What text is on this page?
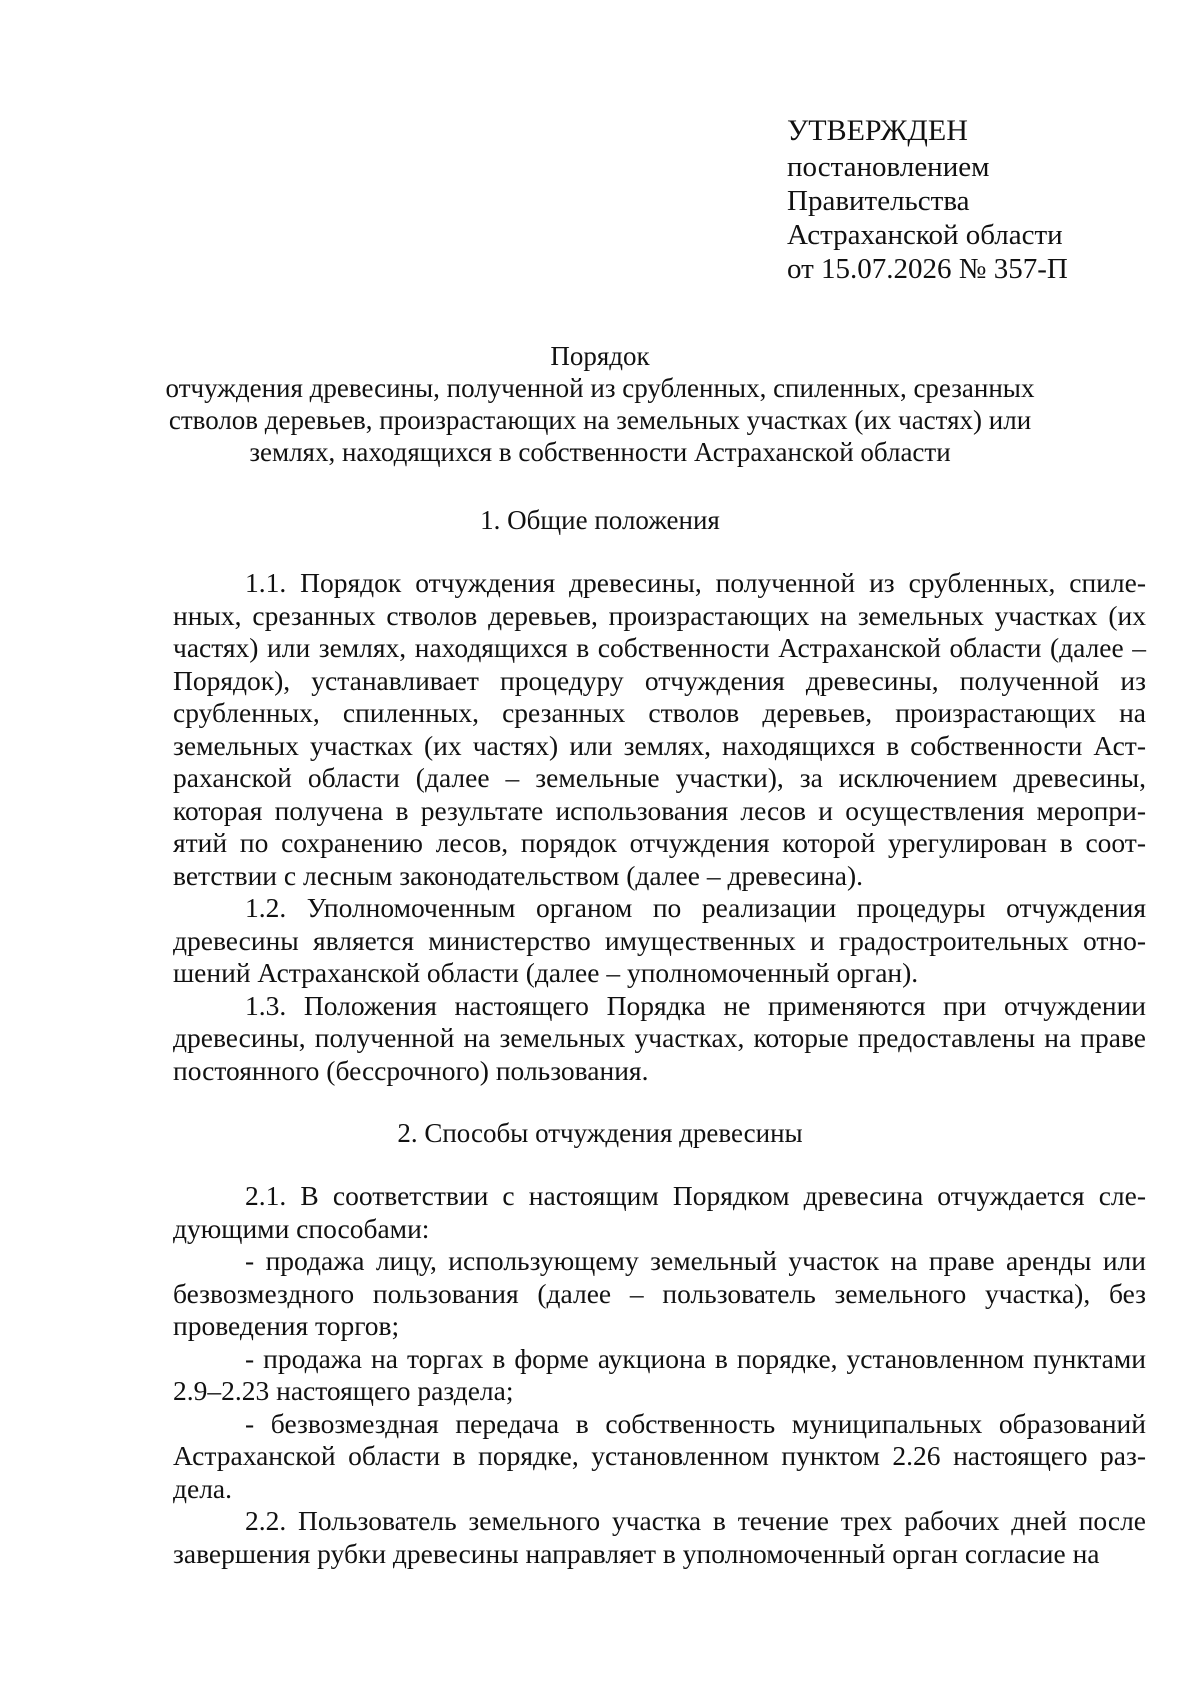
УТВЕРЖДЕН
постановлением
Правительства
Астраханской области
от 15.07.2026 № 357-П
Порядок
отчуждения древесины, полученной из срубленных, спиленных, срезанных
стволов деревьев, произрастающих на земельных участках (их частях) или
землях, находящихся в собственности Астраханской области
1. Общие положения

1.1. Порядок отчуждения древесины, полученной из срубленных, спиленных, срезанных стволов деревьев, произрастающих на земельных участках (их частях) или землях, находящихся в собственности Астраханской области (далее – Порядок), устанавливает процедуру отчуждения древесины, полученной из срубленных, спиленных, срезанных стволов деревьев, произрастающих на земельных участках (их частях) или землях, находящихся в собственности Астраханской области (далее – земельные участки), за исключением древесины, которая получена в результате использования лесов и осуществления мероприятий по сохранению лесов, порядок отчуждения которой урегулирован в соответствии с лесным законодательством (далее – древесина).

1.2. Уполномоченным органом по реализации процедуры отчуждения древесины является министерство имущественных и градостроительных отношений Астраханской области (далее – уполномоченный орган).

1.3. Положения настоящего Порядка не применяются при отчуждении древесины, полученной на земельных участках, которые предоставлены на праве постоянного (бессрочного) пользования.

2. Способы отчуждения древесины

2.1. В соответствии с настоящим Порядком древесина отчуждается следующими способами:

- продажа лицу, использующему земельный участок на праве аренды или безвозмездного пользования (далее – пользователь земельного участка), без проведения торгов;

- продажа на торгах в форме аукциона в порядке, установленном пунктами 2.9–2.23 настоящего раздела;

- безвозмездная передача в собственность муниципальных образований Астраханской области в порядке, установленном пунктом 2.26 настоящего раздела.

2.2. Пользователь земельного участка в течение трех рабочих дней после завершения рубки древесины направляет в уполномоченный орган согласие на
